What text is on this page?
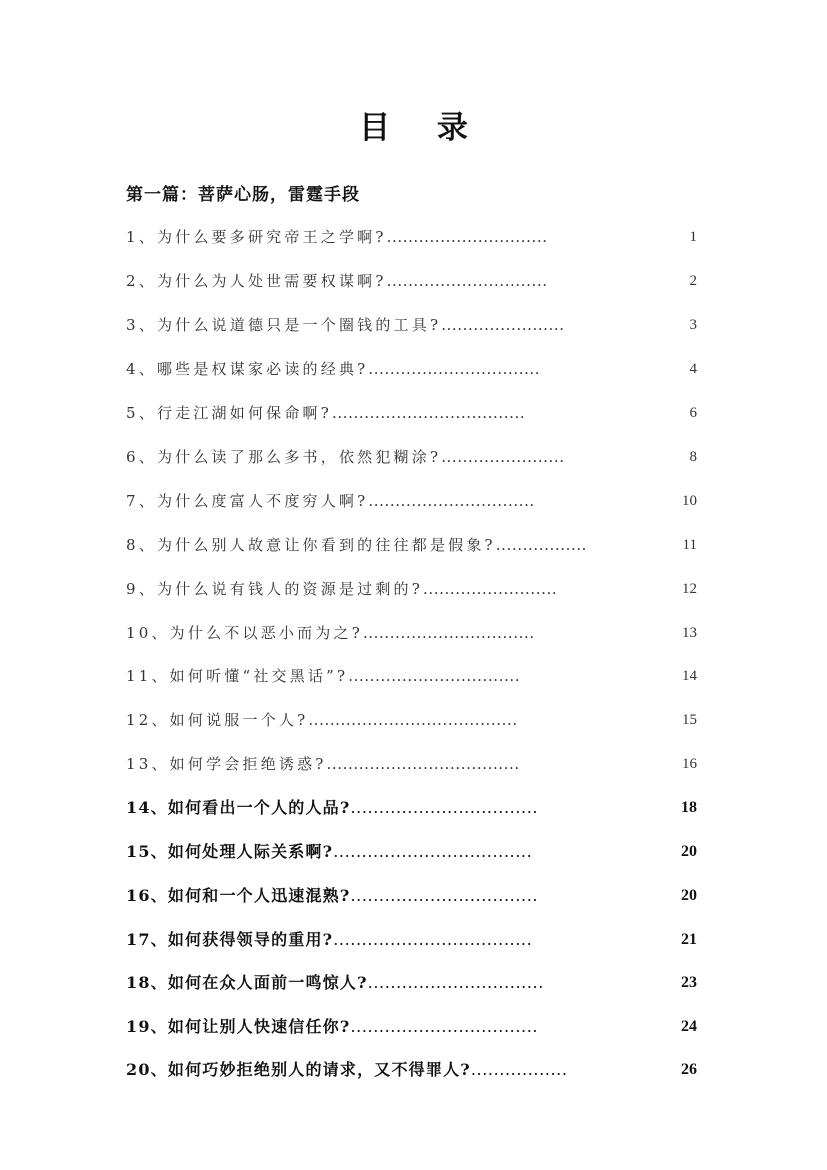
目 录
第一篇：菩萨心肠，雷霆手段
1、为什么要多研究帝王之学啊?..............................	1
2、为什么为人处世需要权谋啊?..............................	2
3、为什么说道德只是一个圈钱的工具?.......................	3
4、哪些是权谋家必读的经典?................................	4
5、行走江湖如何保命啊?....................................	6
6、为什么读了那么多书，依然犯糊涂?.......................	8
7、为什么度富人不度穷人啊?...............................	10
8、为什么别人故意让你看到的往往都是假象?.................	11
9、为什么说有钱人的资源是过剩的?.........................	12
10、为什么不以恶小而为之?................................	13
11、如何听懂“社交黑话”?................................	14
12、如何说服一个人?.......................................	15
13、如何学会拒绝诱惑?....................................	16
14、如何看出一个人的人品?.................................	18
15、如何处理人际关系啊?...................................	20
16、如何和一个人迅速混熟?.................................	20
17、如何获得领导的重用?...................................	21
18、如何在众人面前一鸣惊人?...............................	23
19、如何让别人快速信任你?.................................	24
20、如何巧妙拒绝别人的请求，又不得罪人?.................	26
